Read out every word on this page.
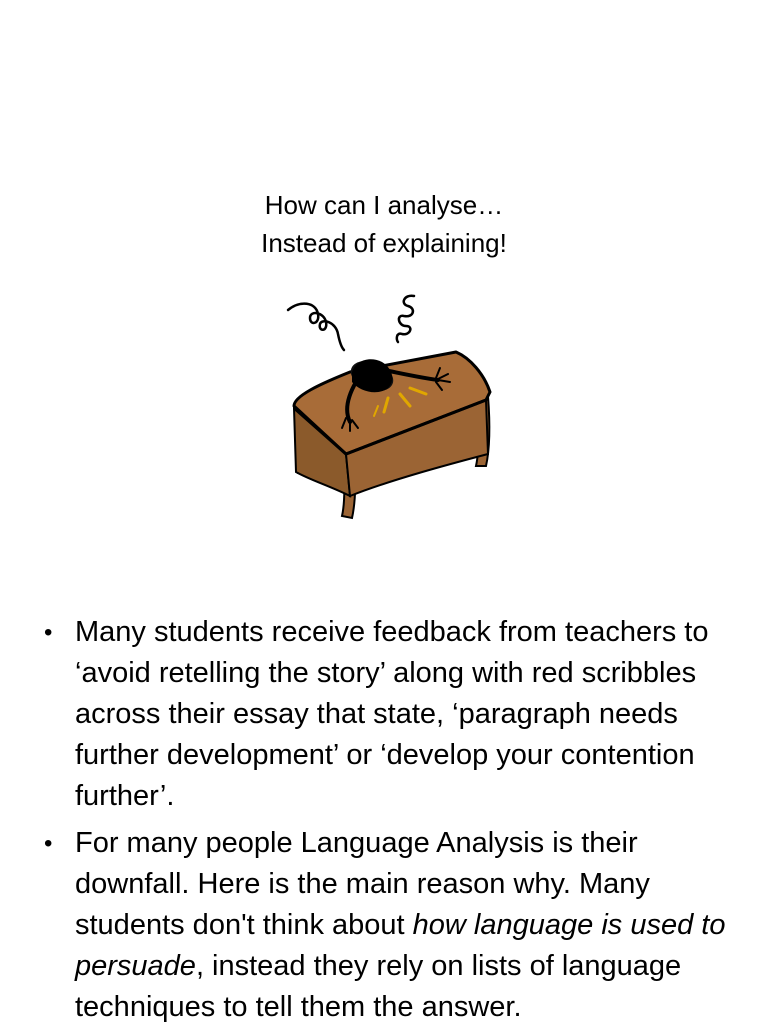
How can I analyse…
Instead of explaining!
• Many students receive feedback from teachers to ‘avoid retelling the story’ along with red scribbles across their essay that state, ‘paragraph needs further development’ or ‘develop your contention further’.
• For many people Language Analysis is their downfall. Here is the main reason why. Many students don't think about how language is used to persuade, instead they rely on lists of language techniques to tell them the answer.
